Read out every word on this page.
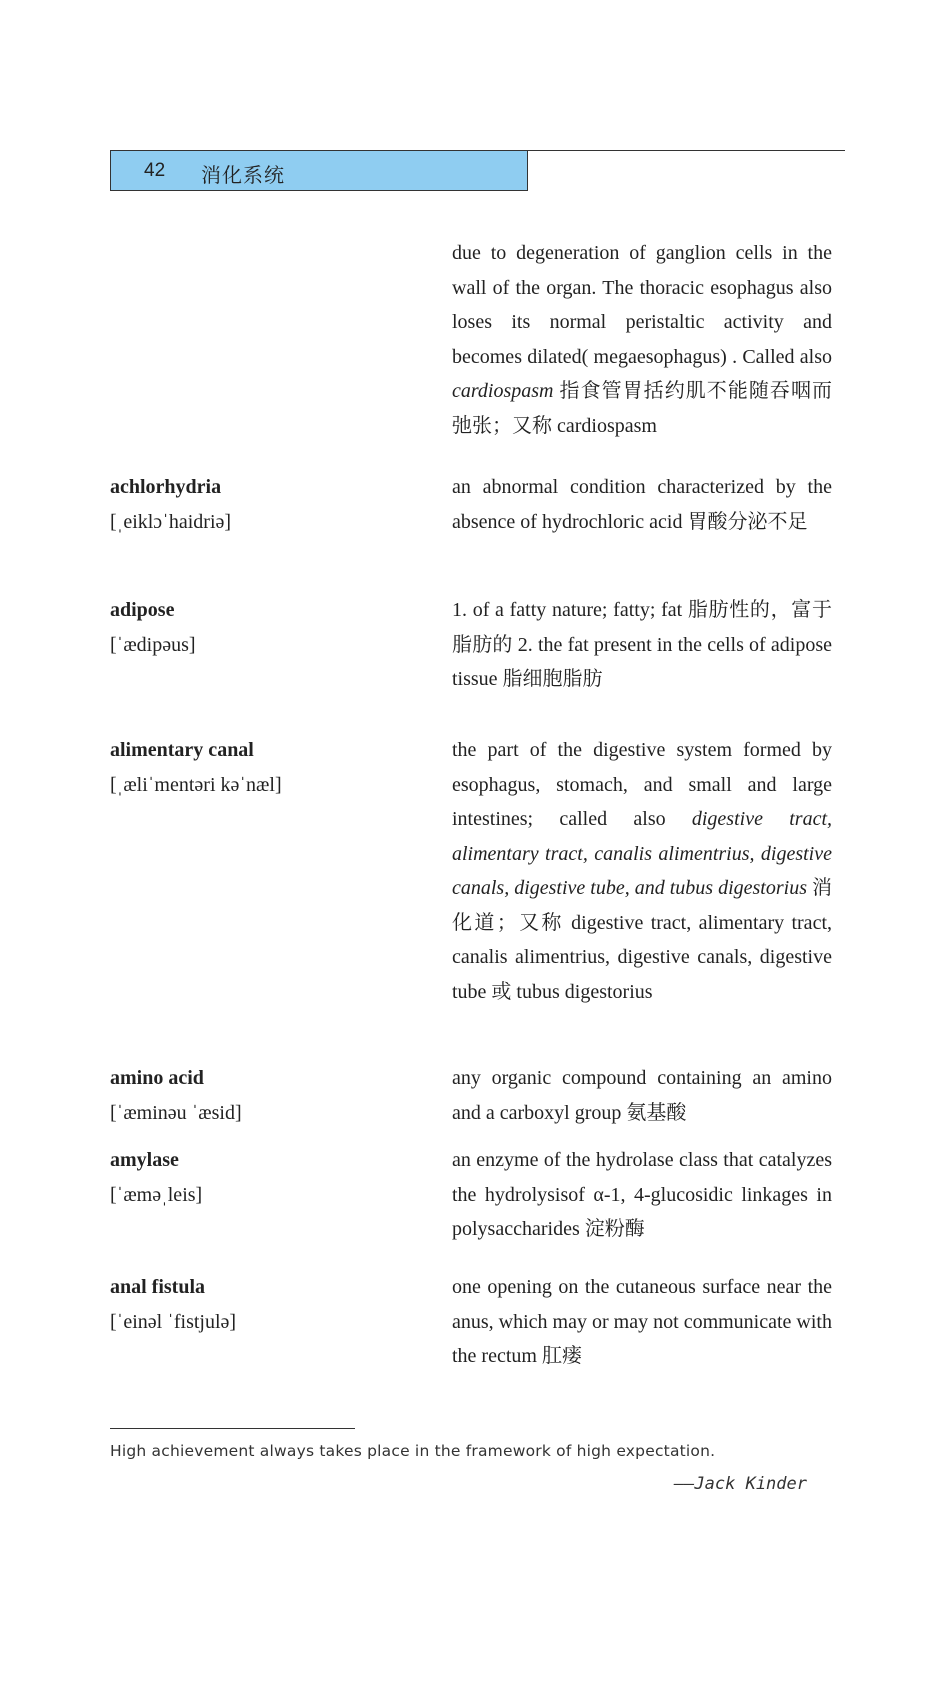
42 消化系统
due to degeneration of ganglion cells in the wall of the organ. The thoracic esophagus also loses its normal peristaltic activity and becomes dilated( megaesophagus) . Called also cardiospasm 指食管胃括约肌不能随吞咽而弛张；又称 cardiospasm
achlorhydria
[ˌeiklɔˈhaidriə]
an abnormal condition characterized by the absence of hydrochloric acid 胃酸分泌不足
adipose
[ˈædipəus]
1. of a fatty nature; fatty; fat 脂肪性的，富于脂肪的 2. the fat present in the cells of adipose tissue 脂细胞脂肪
alimentary canal
[ˌæliˈmentəri kəˈnæl]
the part of the digestive system formed by esophagus, stomach, and small and large intestines; called also digestive tract, alimentary tract, canalis alimentrius, digestive canals, digestive tube, and tubus digestorius 消化道；又称 digestive tract, alimentary tract, canalis alimentrius, digestive canals, digestive tube 或 tubus digestorius
amino acid
[ˈæminəu ˈæsid]
any organic compound containing an amino and a carboxyl group 氨基酸
amylase
[ˈæməˌleis]
an enzyme of the hydrolase class that catalyzes the hydrolysisof α-1, 4-glucosidic linkages in polysaccharides 淀粉酶
anal fistula
[ˈeinəl ˈfistjulə]
one opening on the cutaneous surface near the anus, which may or may not communicate with the rectum 肛瘘
High achievement always takes place in the framework of high expectation.
——Jack Kinder
